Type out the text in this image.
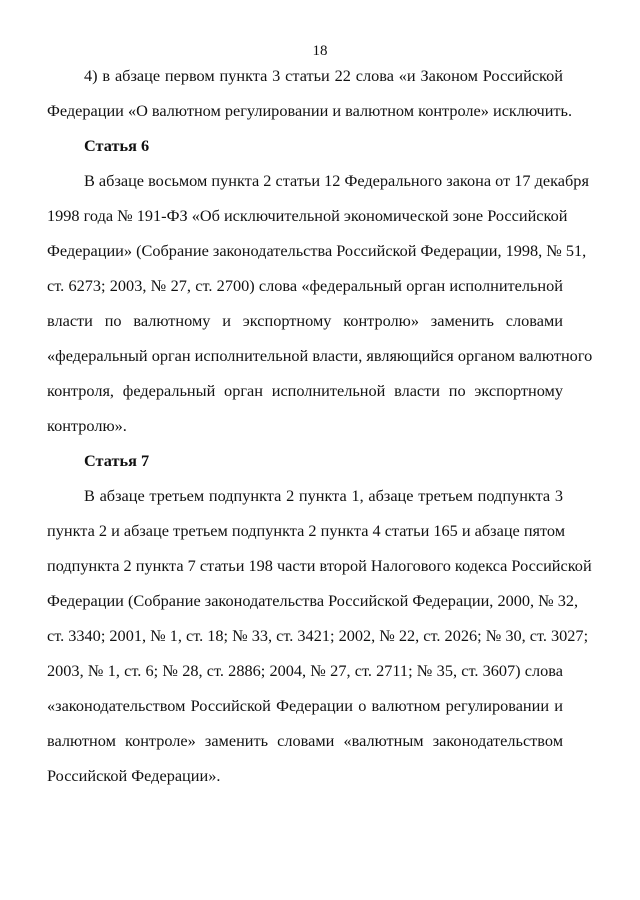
18
4) в абзаце первом пункта 3 статьи 22 слова «и Законом Российской
Федерации «О валютном регулировании и валютном контроле» исключить.
Статья 6
В абзаце восьмом пункта 2 статьи 12 Федерального закона от 17 декабря
1998 года № 191-ФЗ «Об исключительной экономической зоне Российской
Федерации» (Собрание законодательства Российской Федерации, 1998, № 51,
ст. 6273; 2003, № 27, ст. 2700) слова «федеральный орган исполнительной
власти по валютному и экспортному контролю» заменить словами
«федеральный орган исполнительной власти, являющийся органом валютного
контроля, федеральный орган исполнительной власти по экспортному
контролю».
Статья 7
В абзаце третьем подпункта 2 пункта 1, абзаце третьем подпункта 3
пункта 2 и абзаце третьем подпункта 2 пункта 4 статьи 165 и абзаце пятом
подпункта 2 пункта 7 статьи 198 части второй Налогового кодекса Российской
Федерации (Собрание законодательства Российской Федерации, 2000, № 32,
ст. 3340; 2001, № 1, ст. 18; № 33, ст. 3421; 2002, № 22, ст. 2026; № 30, ст. 3027;
2003, № 1, ст. 6; № 28, ст. 2886; 2004, № 27, ст. 2711; № 35, ст. 3607) слова
«законодательством Российской Федерации о валютном регулировании и
валютном контроле» заменить словами «валютным законодательством
Российской Федерации».
